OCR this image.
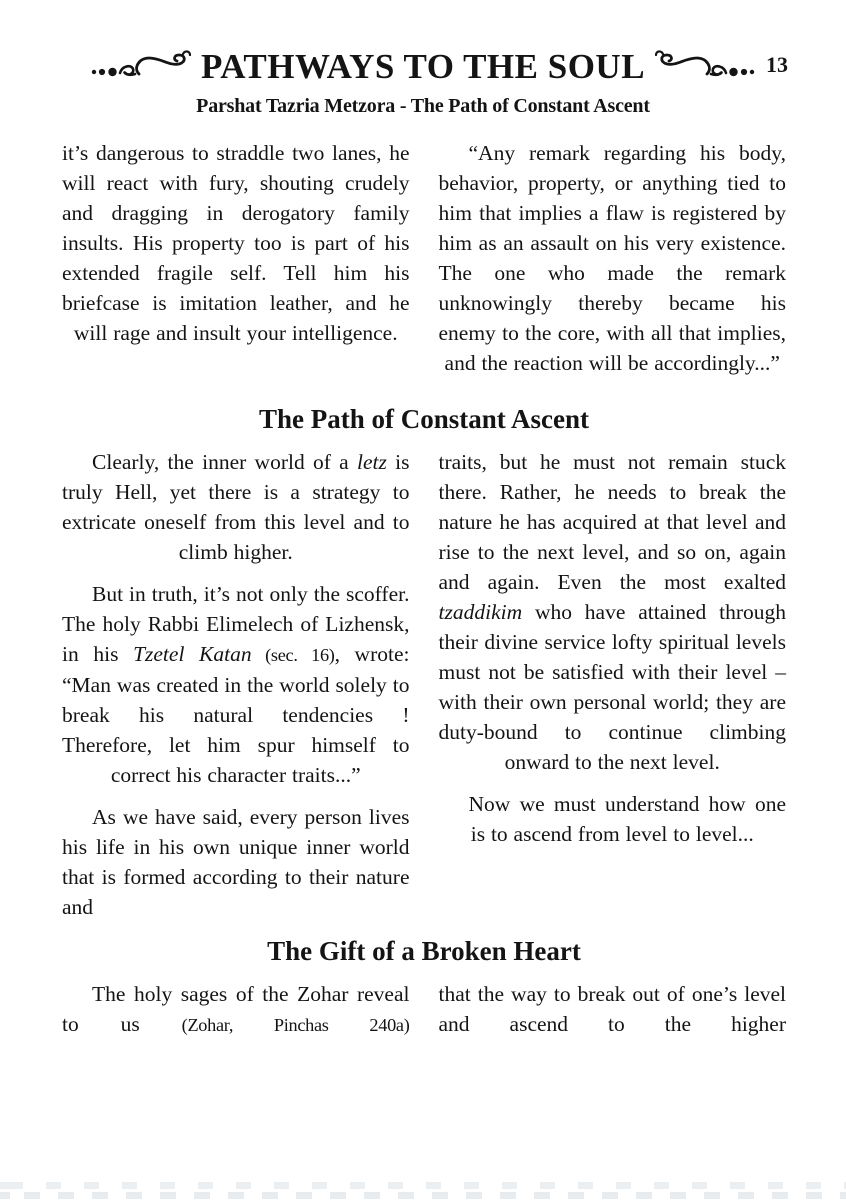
PATHWAYS TO THE SOUL	13
Parshat Tazria Metzora - The Path of Constant Ascent

it’s dangerous to straddle two lanes, he will react with fury, shouting crudely and dragging in derogatory family insults. His property too is part of his extended fragile self. Tell him his briefcase is imitation leather, and he will rage and insult your intelligence.

“Any remark regarding his body, behavior, property, or anything tied to him that implies a flaw is registered by him as an assault on his very existence. The one who made the remark unknowingly thereby became his enemy to the core, with all that implies, and the reaction will be accordingly...”

The Path of Constant Ascent

Clearly, the inner world of a letz is truly Hell, yet there is a strategy to extricate oneself from this level and to climb higher.

But in truth, it’s not only the scoffer. The holy Rabbi Elimelech of Lizhensk, in his Tzetel Katan (sec. 16), wrote: “Man was created in the world solely to break his natural tendencies ! Therefore, let him spur himself to correct his character traits...”

As we have said, every person lives his life in his own unique inner world that is formed according to their nature and

traits, but he must not remain stuck there. Rather, he needs to break the nature he has acquired at that level and rise to the next level, and so on, again and again. Even the most exalted tzaddikim who have attained through their divine service lofty spiritual levels must not be satisfied with their level – with their own personal world; they are duty-bound to continue climbing onward to the next level.

Now we must understand how one is to ascend from level to level...

The Gift of a Broken Heart

The holy sages of the Zohar reveal to us (Zohar, Pinchas 240a)

that the way to break out of one’s level and ascend to the higher
